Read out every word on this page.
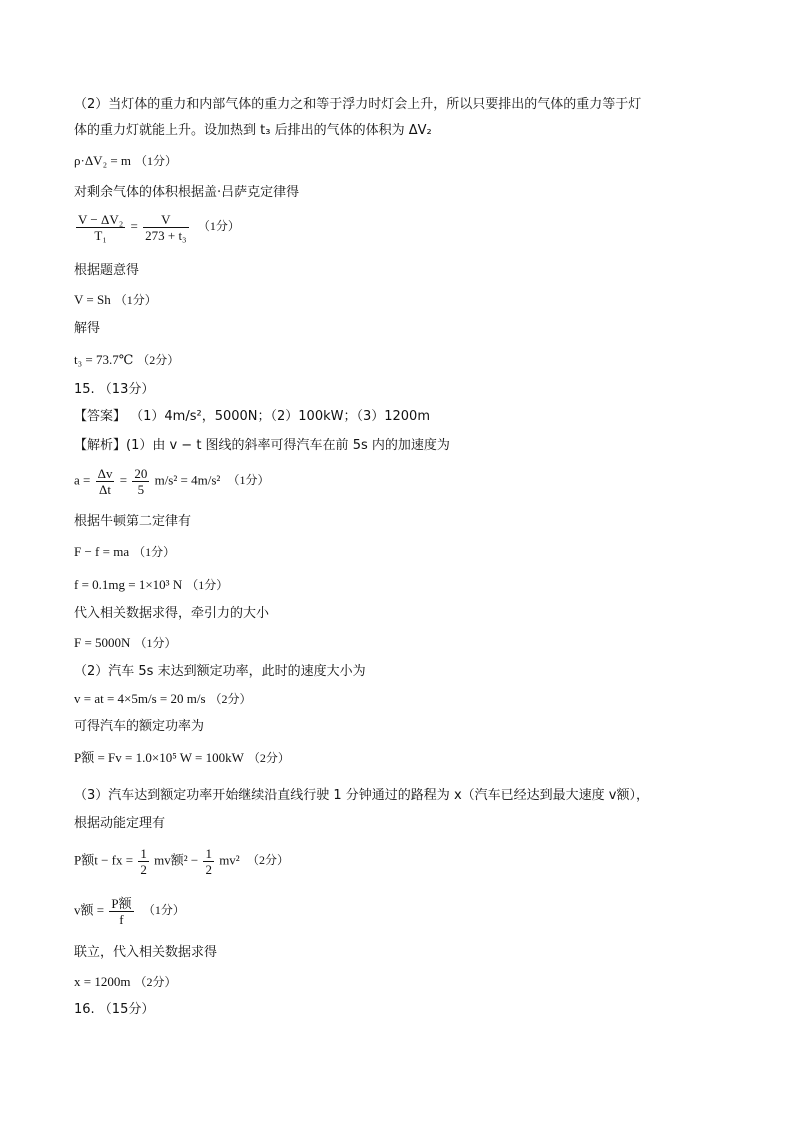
（2）当灯体的重力和内部气体的重力之和等于浮力时灯会上升，所以只要排出的气体的重力等于灯
体的重力灯就能上升。设加热到 t₃ 后排出的气体的体积为 ΔV₂
ρ·ΔV₂ = m （1分）
对剩余气体的体积根据盖·吕萨克定律得
$\frac{\text{V − ΔV₂}}{\text{T₁}} = \frac{V}{\text{273 + t₃}} (1$分）
根据题意得
V = Sh （1分）
解得
t₃ = 73.7℃ （2分）
15. （13分）
【答案】 （1）4m/s²，5000N；（2）100kW；（3）1200m
【解析】(1）由 v − t 图线的斜率可得汽车在前 5s 内的加速度为
$a = \frac{\Delta v}{\Delta t} = \frac{20}{5} m/s^2 = 4m/s^2$ （1分）
根据牛顿第二定律有
F − f = ma （1分）
f = 0.1mg = 1×10³ N （1分）
代入相关数据求得，牵引力的大小
F = 5000N （1分）
（2）汽车 5s 末达到额定功率，此时的速度大小为
v = at = 4×5m/s = 20 m/s （2分）
可得汽车的额定功率为
P额 = Fv = 1.0×10⁵ W = 100kW （2分）
（3）汽车达到额定功率开始继续沿直线行驶 1 分钟通过的路程为 x（汽车已经达到最大速度 v额），
根据动能定理有
P额t − fx = $\frac{1}{2}$ mv额$^2 - \frac{1}{2} mv^2$ （2分）
v额 = $\frac{\text{P额}}{f} (1$分）
联立，代入相关数据求得
x = 1200m （2分）
16. （15分）
